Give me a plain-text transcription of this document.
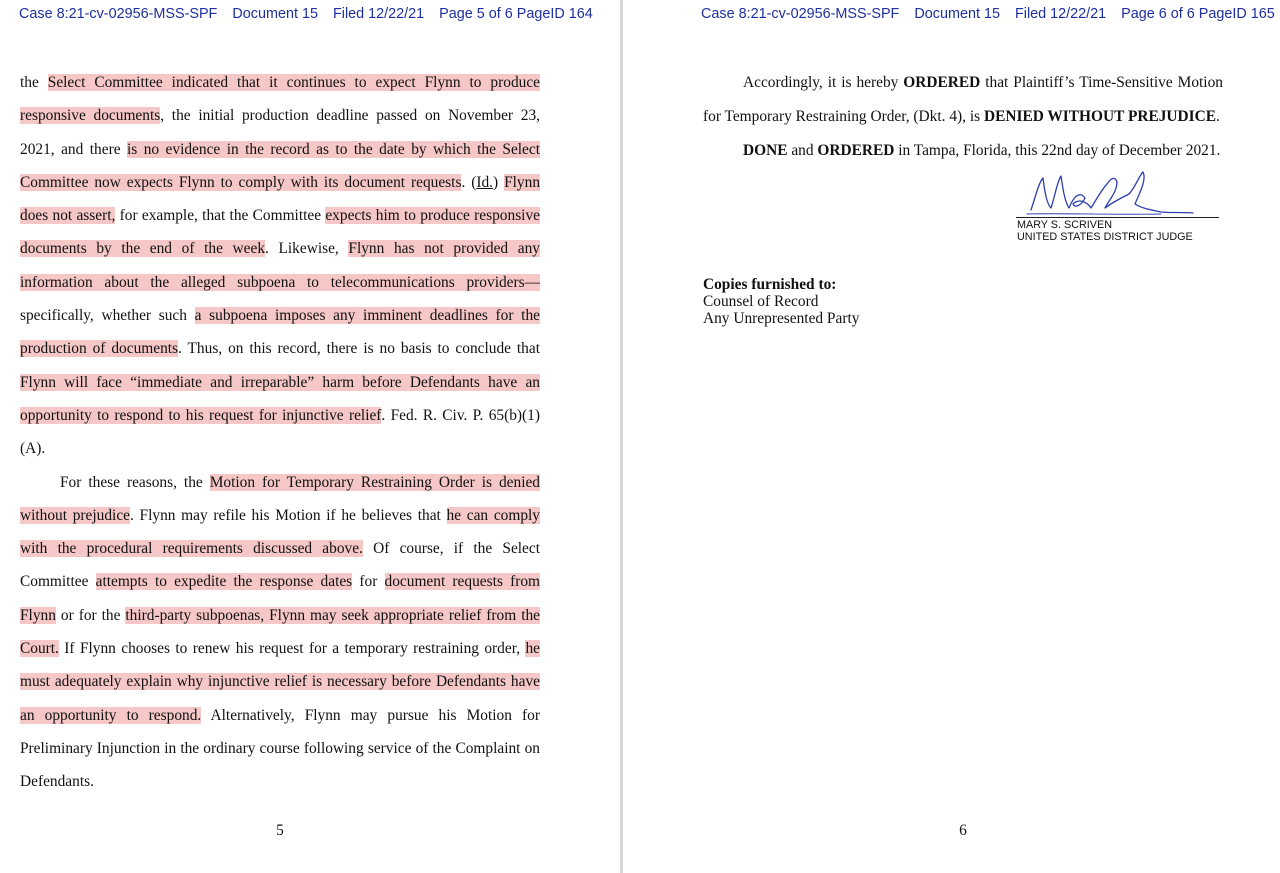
Case 8:21-cv-02956-MSS-SPF Document 15 Filed 12/22/21 Page 5 of 6 PageID 164

the Select Committee indicated that it continues to expect Flynn to produce responsive documents, the initial production deadline passed on November 23, 2021, and there is no evidence in the record as to the date by which the Select Committee now expects Flynn to comply with its document requests. (Id.) Flynn does not assert, for example, that the Committee expects him to produce responsive documents by the end of the week. Likewise, Flynn has not provided any information about the alleged subpoena to telecommunications providers—specifically, whether such a subpoena imposes any imminent deadlines for the production of documents. Thus, on this record, there is no basis to conclude that Flynn will face “immediate and irreparable” harm before Defendants have an opportunity to respond to his request for injunctive relief. Fed. R. Civ. P. 65(b)(1)(A).

For these reasons, the Motion for Temporary Restraining Order is denied without prejudice. Flynn may refile his Motion if he believes that he can comply with the procedural requirements discussed above. Of course, if the Select Committee attempts to expedite the response dates for document requests from Flynn or for the third-party subpoenas, Flynn may seek appropriate relief from the Court. If Flynn chooses to renew his request for a temporary restraining order, he must adequately explain why injunctive relief is necessary before Defendants have an opportunity to respond. Alternatively, Flynn may pursue his Motion for Preliminary Injunction in the ordinary course following service of the Complaint on Defendants.

5
Case 8:21-cv-02956-MSS-SPF Document 15 Filed 12/22/21 Page 6 of 6 PageID 165

Accordingly, it is hereby ORDERED that Plaintiff’s Time-Sensitive Motion for Temporary Restraining Order, (Dkt. 4), is DENIED WITHOUT PREJUDICE.

DONE and ORDERED in Tampa, Florida, this 22nd day of December 2021.

MARY S. SCRIVEN
UNITED STATES DISTRICT JUDGE
Copies furnished to:
Counsel of Record
Any Unrepresented Party
6
